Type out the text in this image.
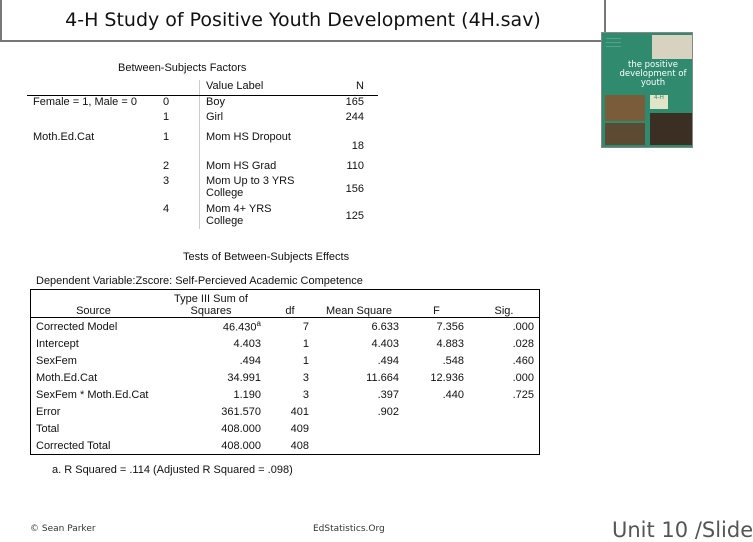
4-H Study of Positive Youth Development (4H.sav)
—————
—————
—————
the positive development of youth
4-H
Between-Subjects Factors
		Value Label	N
Female = 1, Male = 0	0	Boy	165
	1	Girl	244
Moth.Ed.Cat	1	Mom HS Dropout	18
	2	Mom HS Grad	110
	3	Mom Up to 3 YRS College	156
	4	Mom 4+ YRS College	125
Tests of Between-Subjects Effects
Dependent Variable:Zscore: Self-Percieved Academic Competence
Source	Type III Sum of Squares	df	Mean Square	F	Sig.
Corrected Model	46.430$^a$	7	6.633	7.356	.000
Intercept	4.403	1	4.403	4.883	.028
SexFem	.494	1	.494	.548	.460
Moth.Ed.Cat	34.991	3	11.664	12.936	.000
SexFem * Moth.Ed.Cat	1.190	3	.397	.440	.725
Error	361.570	401	.902		
Total	408.000	409			
Corrected Total	408.000	408			
a. R Squared = .114 (Adjusted R Squared = .098)
© Sean Parker	EdStatistics.Org	Unit 10 /Slide
